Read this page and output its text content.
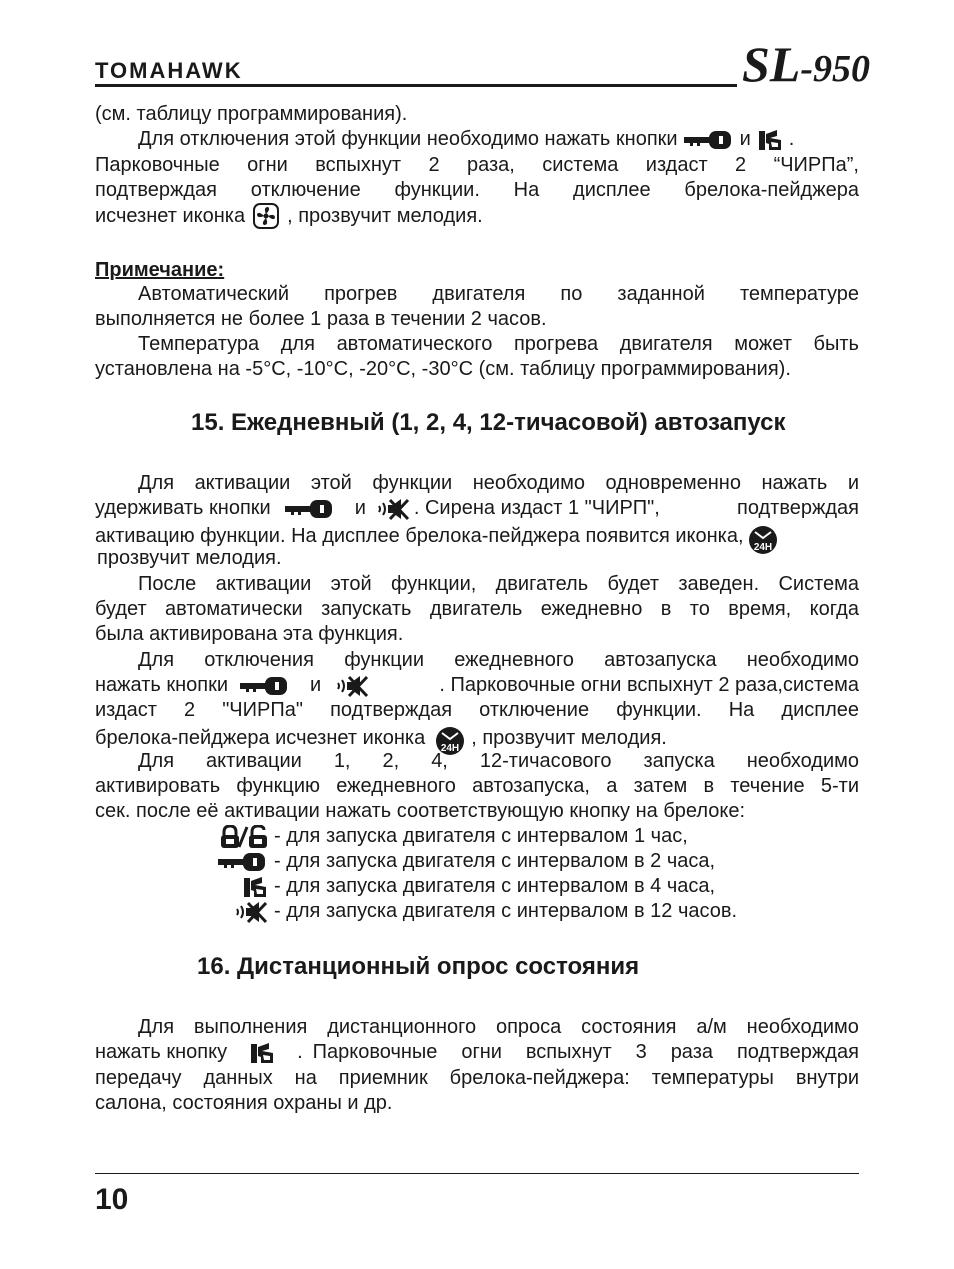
TOMAHAWK	SL-950
(см. таблицу программирования).
Для отключения этой функции необходимо нажать кнопки	и .
Парковочные огни вспыхнут 2 раза, система издаст 2 “ЧИРПа”,
подтверждая отключение функции. На дисплее брелока-пейджера
исчезнет иконка , прозвучит мелодия.
Примечание:
Автоматический прогрев двигателя по заданной температуре
выполняется не более 1 раза в течении 2 часов.
Температура для автоматического прогрева двигателя может быть
установлена на -5°С, -10°С, -20°С, -30°С (см. таблицу программирования).
15. Ежедневный (1, 2, 4, 12-тичасовой) автозапуск
Для активации этой функции необходимо одновременно нажать и
удерживать кнопки	и . Сирена издаст 1 "ЧИРП",	подтверждая
активацию функции. На дисплее брелока-пейджера появится иконка,
24H
прозвучит мелодия.
После активации этой функции, двигатель будет заведен. Система
будет автоматически запускать двигатель ежедневно в то время, когда
была активирована эта функция.
Для отключения функции ежедневного автозапуска необходимо
нажать кнопки	и	. Парковочные огни вспыхнут 2 раза,система
издаст 2 "ЧИРПа" подтверждая отключение функции. На дисплее
брелока-пейджера исчезнет иконка 24H , прозвучит мелодия.
Для активации 1, 2, 4, 12-тичасового запуска необходимо
активировать функцию ежедневного автозапуска, а затем в течение 5-ти
сек. после её активации нажать соответствующую кнопку на брелоке:
- для запуска двигателя с интервалом 1 час,
- для запуска двигателя с интервалом в 2 часа,
- для запуска двигателя с интервалом в 4 часа,
- для запуска двигателя с интервалом в 12 часов.
16. Дистанционный опрос состояния
Для выполнения дистанционного опроса состояния а/м необходимо
нажать кнопку	. Парковочные огни вспыхнут 3 раза подтверждая
передачу данных на приемник брелока-пейджера: температуры внутри
салона, состояния охраны и др.
10
